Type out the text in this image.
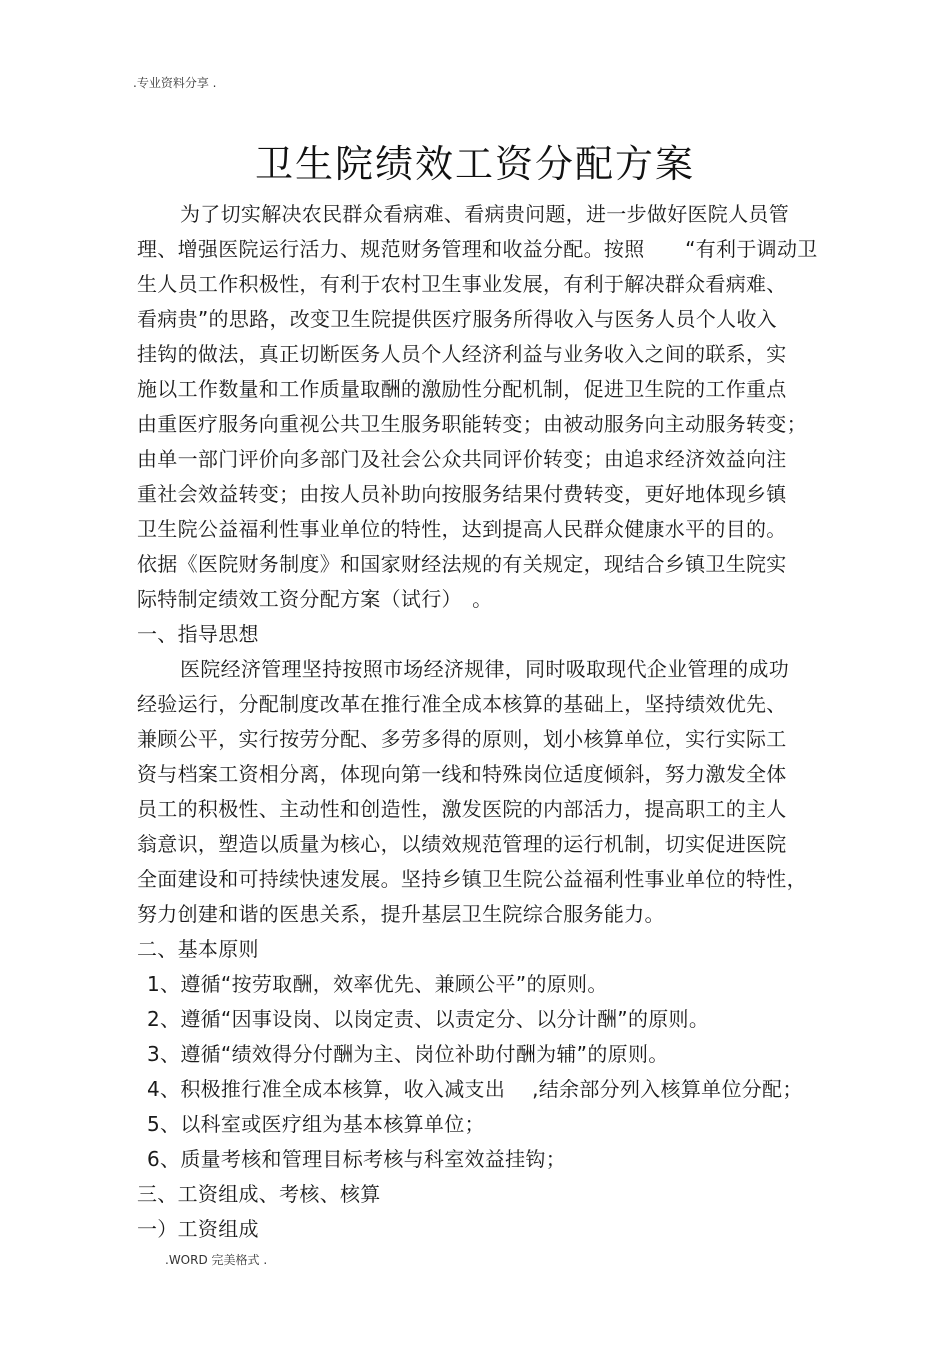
.专业资料分享 .
卫生院绩效工资分配方案
为了切实解决农民群众看病难、看病贵问题，进一步做好医院人员管
理、增强医院运行活力、规范财务管理和收益分配。按照　　“有利于调动卫
生人员工作积极性，有利于农村卫生事业发展，有利于解决群众看病难、
看病贵”的思路，改变卫生院提供医疗服务所得收入与医务人员个人收入
挂钩的做法，真正切断医务人员个人经济利益与业务收入之间的联系，实
施以工作数量和工作质量取酬的激励性分配机制，促进卫生院的工作重点
由重医疗服务向重视公共卫生服务职能转变；由被动服务向主动服务转变；
由单一部门评价向多部门及社会公众共同评价转变；由追求经济效益向注
重社会效益转变；由按人员补助向按服务结果付费转变，更好地体现乡镇
卫生院公益福利性事业单位的特性，达到提高人民群众健康水平的目的。
依据《医院财务制度》和国家财经法规的有关规定，现结合乡镇卫生院实
际特制定绩效工资分配方案（试行）　。
一、指导思想
医院经济管理坚持按照市场经济规律，同时吸取现代企业管理的成功
经验运行，分配制度改革在推行准全成本核算的基础上，坚持绩效优先、
兼顾公平，实行按劳分配、多劳多得的原则，划小核算单位，实行实际工
资与档案工资相分离，体现向第一线和特殊岗位适度倾斜，努力激发全体
员工的积极性、主动性和创造性，激发医院的内部活力，提高职工的主人
翁意识，塑造以质量为核心，以绩效规范管理的运行机制，切实促进医院
全面建设和可持续快速发展。坚持乡镇卫生院公益福利性事业单位的特性，
努力创建和谐的医患关系，提升基层卫生院综合服务能力。
二、基本原则
1、遵循“按劳取酬，效率优先、兼顾公平”的原则。
2、遵循“因事设岗、以岗定责、以责定分、以分计酬”的原则。
3、遵循“绩效得分付酬为主、岗位补助付酬为辅”的原则。
4、积极推行准全成本核算，收入减支出　 ,结余部分列入核算单位分配；
5、以科室或医疗组为基本核算单位；
6、质量考核和管理目标考核与科室效益挂钩；
三、工资组成、考核、核算
一）工资组成
.WORD 完美格式 .
